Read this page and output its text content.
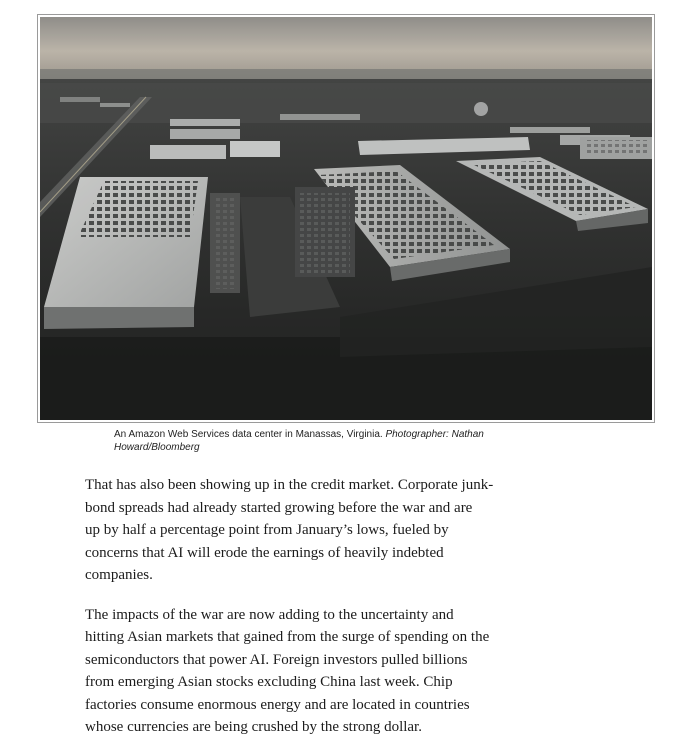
An Amazon Web Services data center in Manassas, Virginia. Photographer: Nathan
Howard/Bloomberg

That has also been showing up in the credit market. Corporate junk-
bond spreads had already started growing before the war and are
up by half a percentage point from January’s lows, fueled by
concerns that AI will erode the earnings of heavily indebted
companies.

The impacts of the war are now adding to the uncertainty and
hitting Asian markets that gained from the surge of spending on the
semiconductors that power AI. Foreign investors pulled billions
from emerging Asian stocks excluding China last week. Chip
factories consume enormous energy and are located in countries
whose currencies are being crushed by the strong dollar.
